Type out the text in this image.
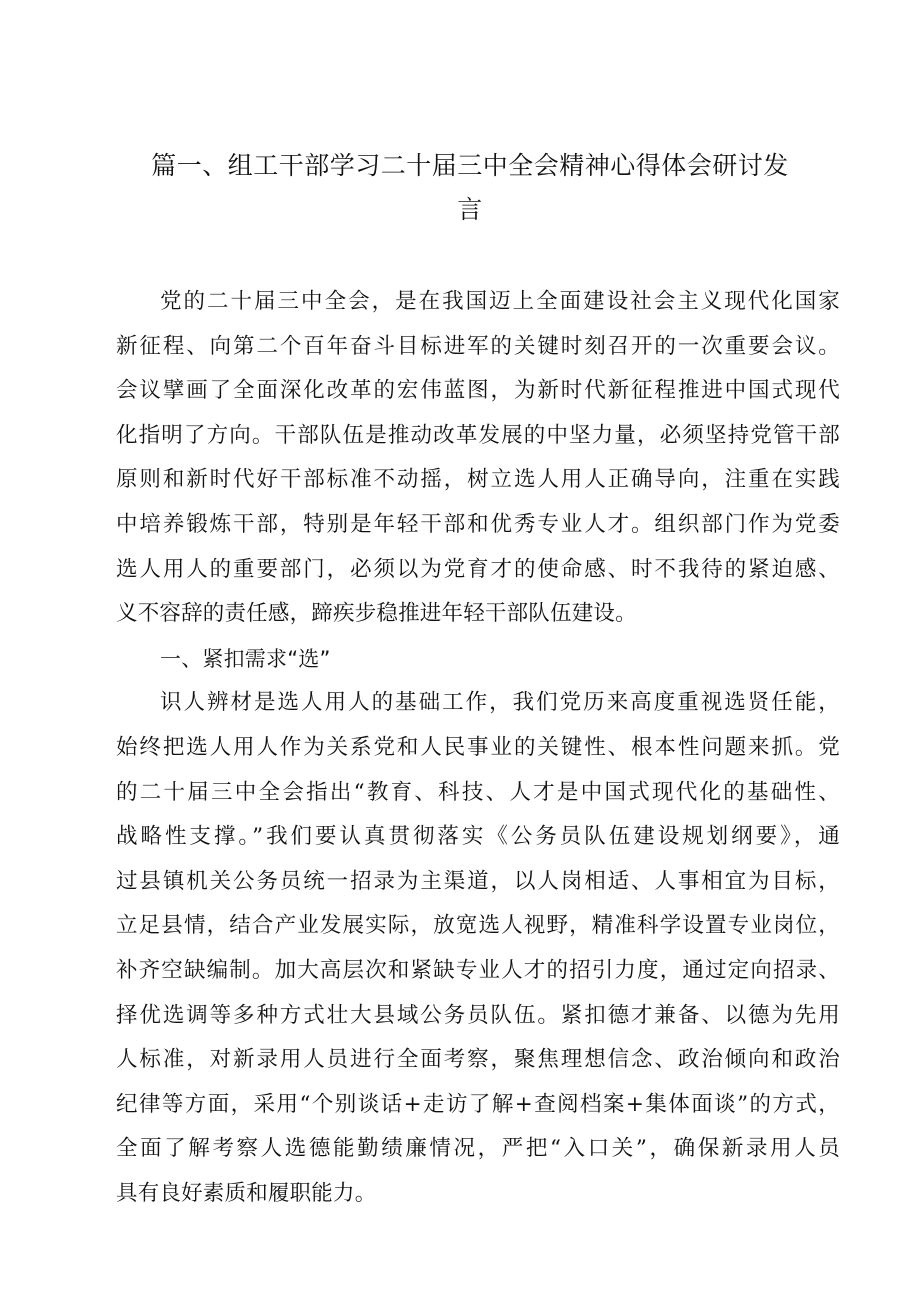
篇一、组工干部学习二十届三中全会精神心得体会研讨发
言
党的二十届三中全会，是在我国迈上全面建设社会主义现代化国家
新征程、向第二个百年奋斗目标进军的关键时刻召开的一次重要会议。
会议擘画了全面深化改革的宏伟蓝图，为新时代新征程推进中国式现代
化指明了方向。干部队伍是推动改革发展的中坚力量，必须坚持党管干部
原则和新时代好干部标准不动摇，树立选人用人正确导向，注重在实践
中培养锻炼干部，特别是年轻干部和优秀专业人才。组织部门作为党委
选人用人的重要部门，必须以为党育才的使命感、时不我待的紧迫感、
义不容辞的责任感，蹄疾步稳推进年轻干部队伍建设。
一、紧扣需求“选”
识人辨材是选人用人的基础工作，我们党历来高度重视选贤任能，
始终把选人用人作为关系党和人民事业的关键性、根本性问题来抓。党
的二十届三中全会指出“教育、科技、人才是中国式现代化的基础性、
战略性支撑。”我们要认真贯彻落实《公务员队伍建设规划纲要》，通
过县镇机关公务员统一招录为主渠道，以人岗相适、人事相宜为目标，
立足县情，结合产业发展实际，放宽选人视野，精准科学设置专业岗位，
补齐空缺编制。加大高层次和紧缺专业人才的招引力度，通过定向招录、
择优选调等多种方式壮大县域公务员队伍。紧扣德才兼备、以德为先用
人标准，对新录用人员进行全面考察，聚焦理想信念、政治倾向和政治
纪律等方面，采用“个别谈话+走访了解+查阅档案+集体面谈”的方式，
全面了解考察人选德能勤绩廉情况，严把“入口关”，确保新录用人员
具有良好素质和履职能力。
